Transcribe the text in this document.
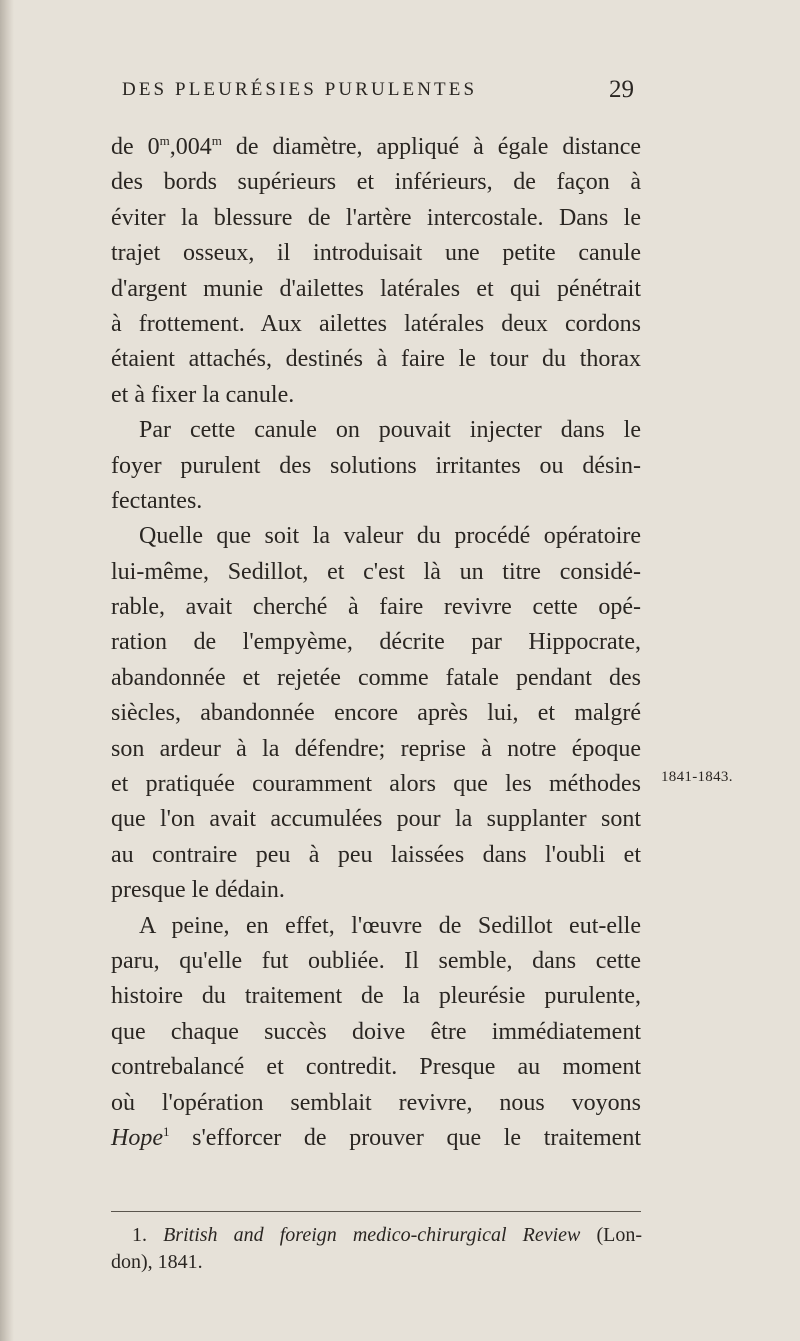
DES PLEURÉSIES PURULENTES	29
de 0$^m$,004$^m$ de diamètre, appliqué à égale distance
des bords supérieurs et inférieurs, de façon à
éviter la blessure de l'artère intercostale. Dans le
trajet osseux, il introduisait une petite canule
d'argent munie d'ailettes latérales et qui pénétrait
à frottement. Aux ailettes latérales deux cordons
étaient attachés, destinés à faire le tour du thorax
et à fixer la canule.
Par cette canule on pouvait injecter dans le
foyer purulent des solutions irritantes ou désin-
fectantes.
Quelle que soit la valeur du procédé opératoire
lui-même, Sedillot, et c'est là un titre considé-
rable, avait cherché à faire revivre cette opé-
ration de l'empyème, décrite par Hippocrate,
abandonnée et rejetée comme fatale pendant des
siècles, abandonnée encore après lui, et malgré
son ardeur à la défendre; reprise à notre époque
et pratiquée couramment alors que les méthodes
que l'on avait accumulées pour la supplanter sont
au contraire peu à peu laissées dans l'oubli et
presque le dédain.
A peine, en effet, l'œuvre de Sedillot eut-elle
paru, qu'elle fut oubliée. Il semble, dans cette
histoire du traitement de la pleurésie purulente,
que chaque succès doive être immédiatement
contrebalancé et contredit. Presque au moment
où l'opération semblait revivre, nous voyons
Hope$^1$ s'efforcer de prouver que le traitement
1841-1843.
1. British and foreign medico-chirurgical Review (Lon-
don), 1841.
